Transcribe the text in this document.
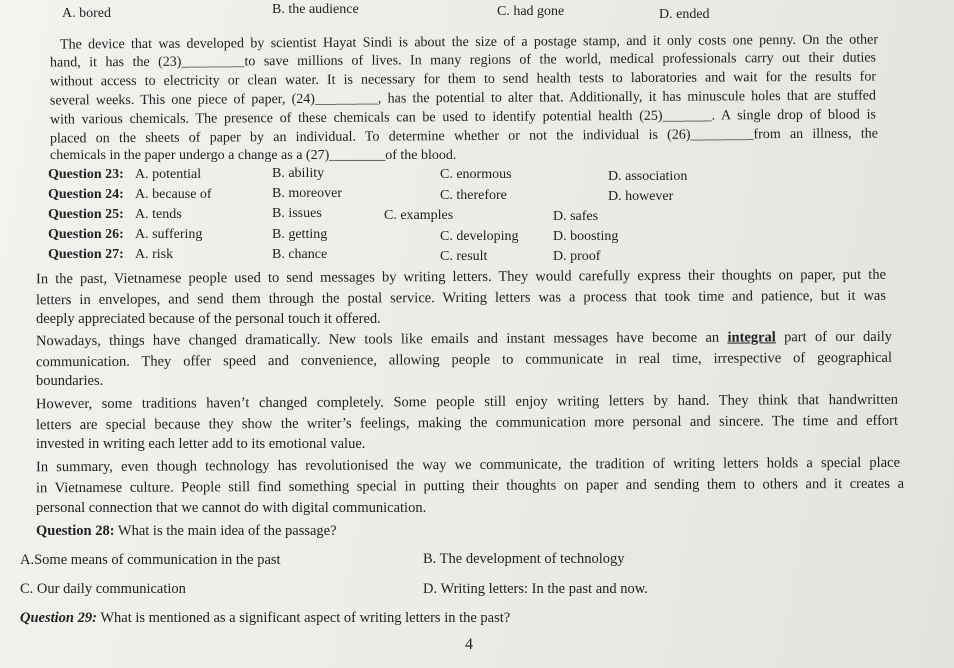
A. bored	B. the audience	C. had gone	D. ended
The device that was developed by scientist Hayat Sindi is about the size of a postage stamp, and it only costs one penny. On the other
hand, it has the (23)_________to save millions of lives. In many regions of the world, medical professionals carry out their duties
without access to electricity or clean water. It is necessary for them to send health tests to laboratories and wait for the results for
several weeks. This one piece of paper, (24)_________, has the potential to alter that. Additionally, it has minuscule holes that are stuffed
with various chemicals. The presence of these chemicals can be used to identify potential health (25)_______. A single drop of blood is
placed on the sheets of paper by an individual. To determine whether or not the individual is (26)_________from an illness, the
chemicals in the paper undergo a change as a (27)________of the blood.
Question 23: A. potential	B. ability	C. enormous	D. association
Question 24: A. because of	B. moreover	C. therefore	D. however
Question 25: A. tends	B. issues	C. examples	D. safes
Question 26: A. suffering	B. getting	C. developing D. boosting
Question 27: A. risk	B. chance	C. result	D. proof
In the past, Vietnamese people used to send messages by writing letters. They would carefully express their thoughts on paper, put the
letters in envelopes, and send them through the postal service. Writing letters was a process that took time and patience, but it was
deeply appreciated because of the personal touch it offered.
Nowadays, things have changed dramatically. New tools like emails and instant messages have become an integral part of our daily
communication. They offer speed and convenience, allowing people to communicate in real time, irrespective of geographical
boundaries.
However, some traditions haven’t changed completely. Some people still enjoy writing letters by hand. They think that handwritten
letters are special because they show the writer’s feelings, making the communication more personal and sincere. The time and effort
invested in writing each letter add to its emotional value.
In summary, even though technology has revolutionised the way we communicate, the tradition of writing letters holds a special place
in Vietnamese culture. People still find something special in putting their thoughts on paper and sending them to others and it creates a
personal connection that we cannot do with digital communication.
Question 28: What is the main idea of the passage?
A.Some means of communication in the past	B. The development of technology
C. Our daily communication	D. Writing letters: In the past and now.
Question 29: What is mentioned as a significant aspect of writing letters in the past?
4
